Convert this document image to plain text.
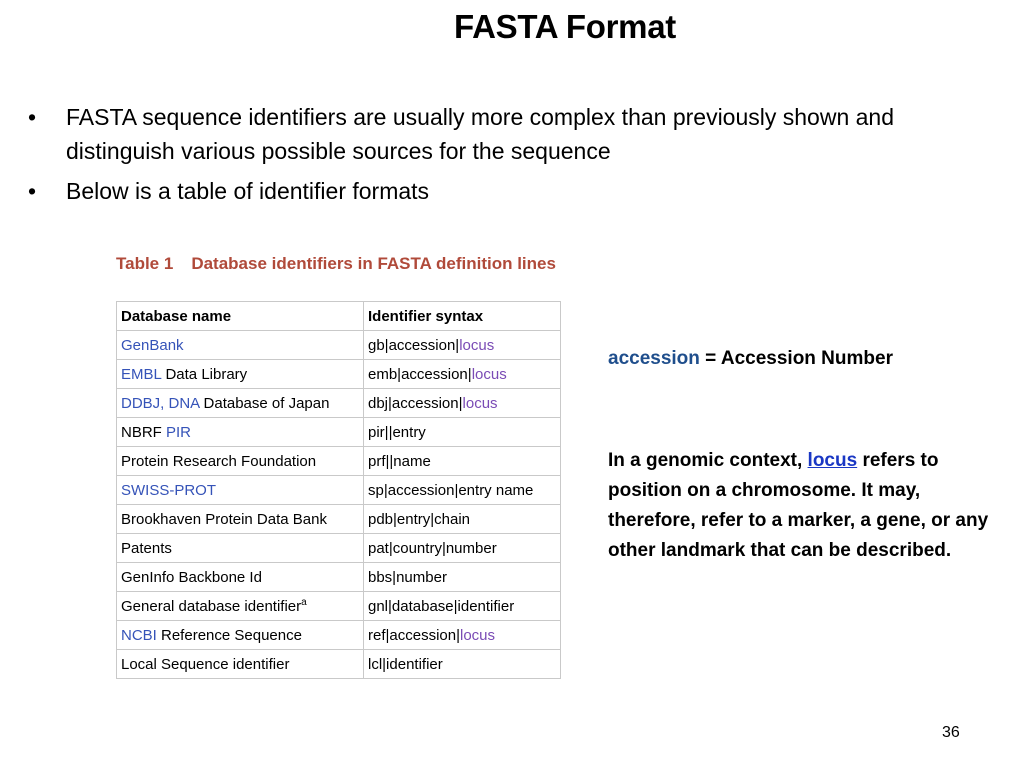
FASTA Format
• FASTA sequence identifiers are usually more complex than previously shown and distinguish various possible sources for the sequence
• Below is a table of identifier formats
Table 1 Database identifiers in FASTA definition lines
Database name	Identifier syntax
GenBank	gb|accession|locus
EMBL Data Library	emb|accession|locus
DDBJ, DNA Database of Japan	dbj|accession|locus
NBRF PIR	pir||entry
Protein Research Foundation	prf||name
SWISS-PROT	sp|accession|entry name
Brookhaven Protein Data Bank	pdb|entry|chain
Patents	pat|country|number
GenInfo Backbone Id	bbs|number
General database identifier$^a$	gnl|database|identifier
NCBI Reference Sequence	ref|accession|locus
Local Sequence identifier	lcl|identifier
accession = Accession Number
In a genomic context, locus refers to position on a chromosome. It may, therefore, refer to a marker, a gene, or any other landmark that can be described.
36
